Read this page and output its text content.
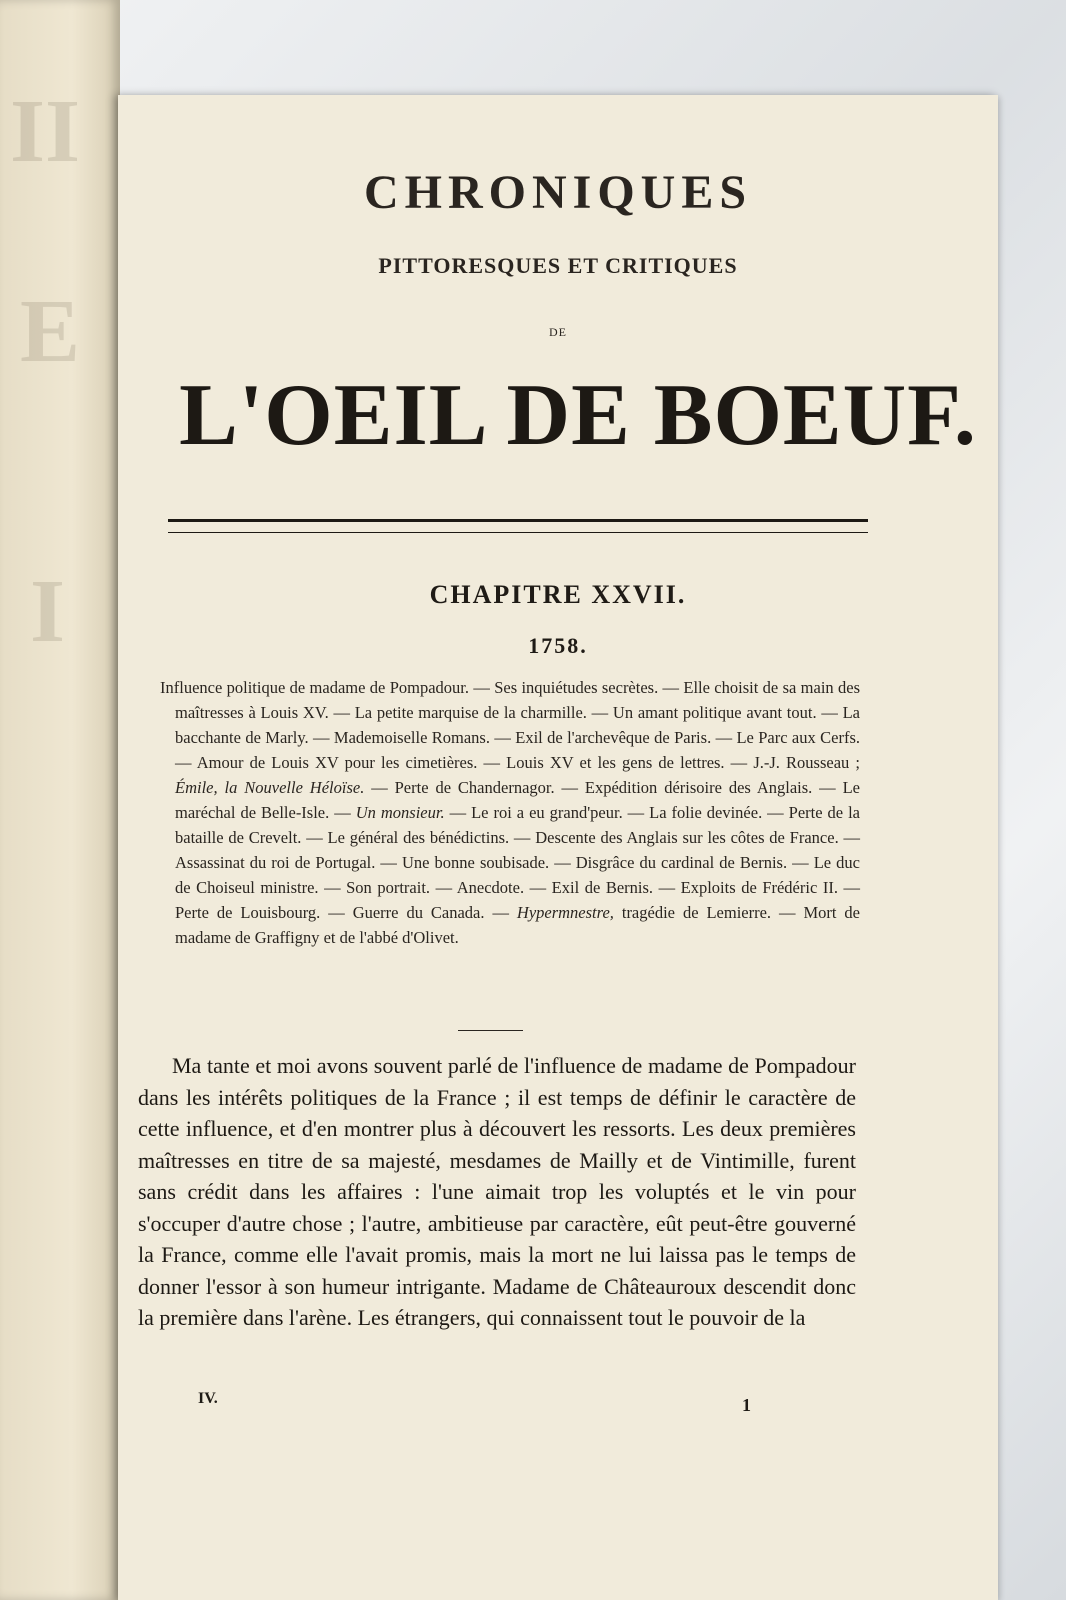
II
E
I
CHRONIQUES
PITTORESQUES ET CRITIQUES
DE
L'OEIL DE BOEUF.
CHAPITRE XXVII.
1758.
Influence politique de madame de Pompadour. — Ses inquiétudes secrètes. — Elle choisit de sa main des maîtresses à Louis XV. — La petite marquise de la charmille. — Un amant politique avant tout. — La bacchante de Marly. — Mademoiselle Romans. — Exil de l'archevêque de Paris. — Le Parc aux Cerfs. — Amour de Louis XV pour les cimetières. — Louis XV et les gens de lettres. — J.-J. Rousseau ; Émile, la Nouvelle Héloïse. — Perte de Chandernagor. — Expédition dérisoire des Anglais. — Le maréchal de Belle-Isle. — Un monsieur. — Le roi a eu grand'peur. — La folie devinée. — Perte de la bataille de Crevelt. — Le général des bénédictins. — Descente des Anglais sur les côtes de France. — Assassinat du roi de Portugal. — Une bonne soubisade. — Disgrâce du cardinal de Bernis. — Le duc de Choiseul ministre. — Son portrait. — Anecdote. — Exil de Bernis. — Exploits de Frédéric II. — Perte de Louisbourg. — Guerre du Canada. — Hypermnestre, tragédie de Lemierre. — Mort de madame de Graffigny et de l'abbé d'Olivet.

Ma tante et moi avons souvent parlé de l'influence de madame de Pompadour dans les intérêts politiques de la France ; il est temps de définir le caractère de cette influence, et d'en montrer plus à découvert les ressorts. Les deux premières maîtresses en titre de sa majesté, mesdames de Mailly et de Vintimille, furent sans crédit dans les affaires : l'une aimait trop les voluptés et le vin pour s'occuper d'autre chose ; l'autre, ambitieuse par caractère, eût peut-être gouverné la France, comme elle l'avait promis, mais la mort ne lui laissa pas le temps de donner l'essor à son humeur intrigante. Madame de Châteauroux descendit donc la première dans l'arène. Les étrangers, qui connaissent tout le pouvoir de la

IV.	1
